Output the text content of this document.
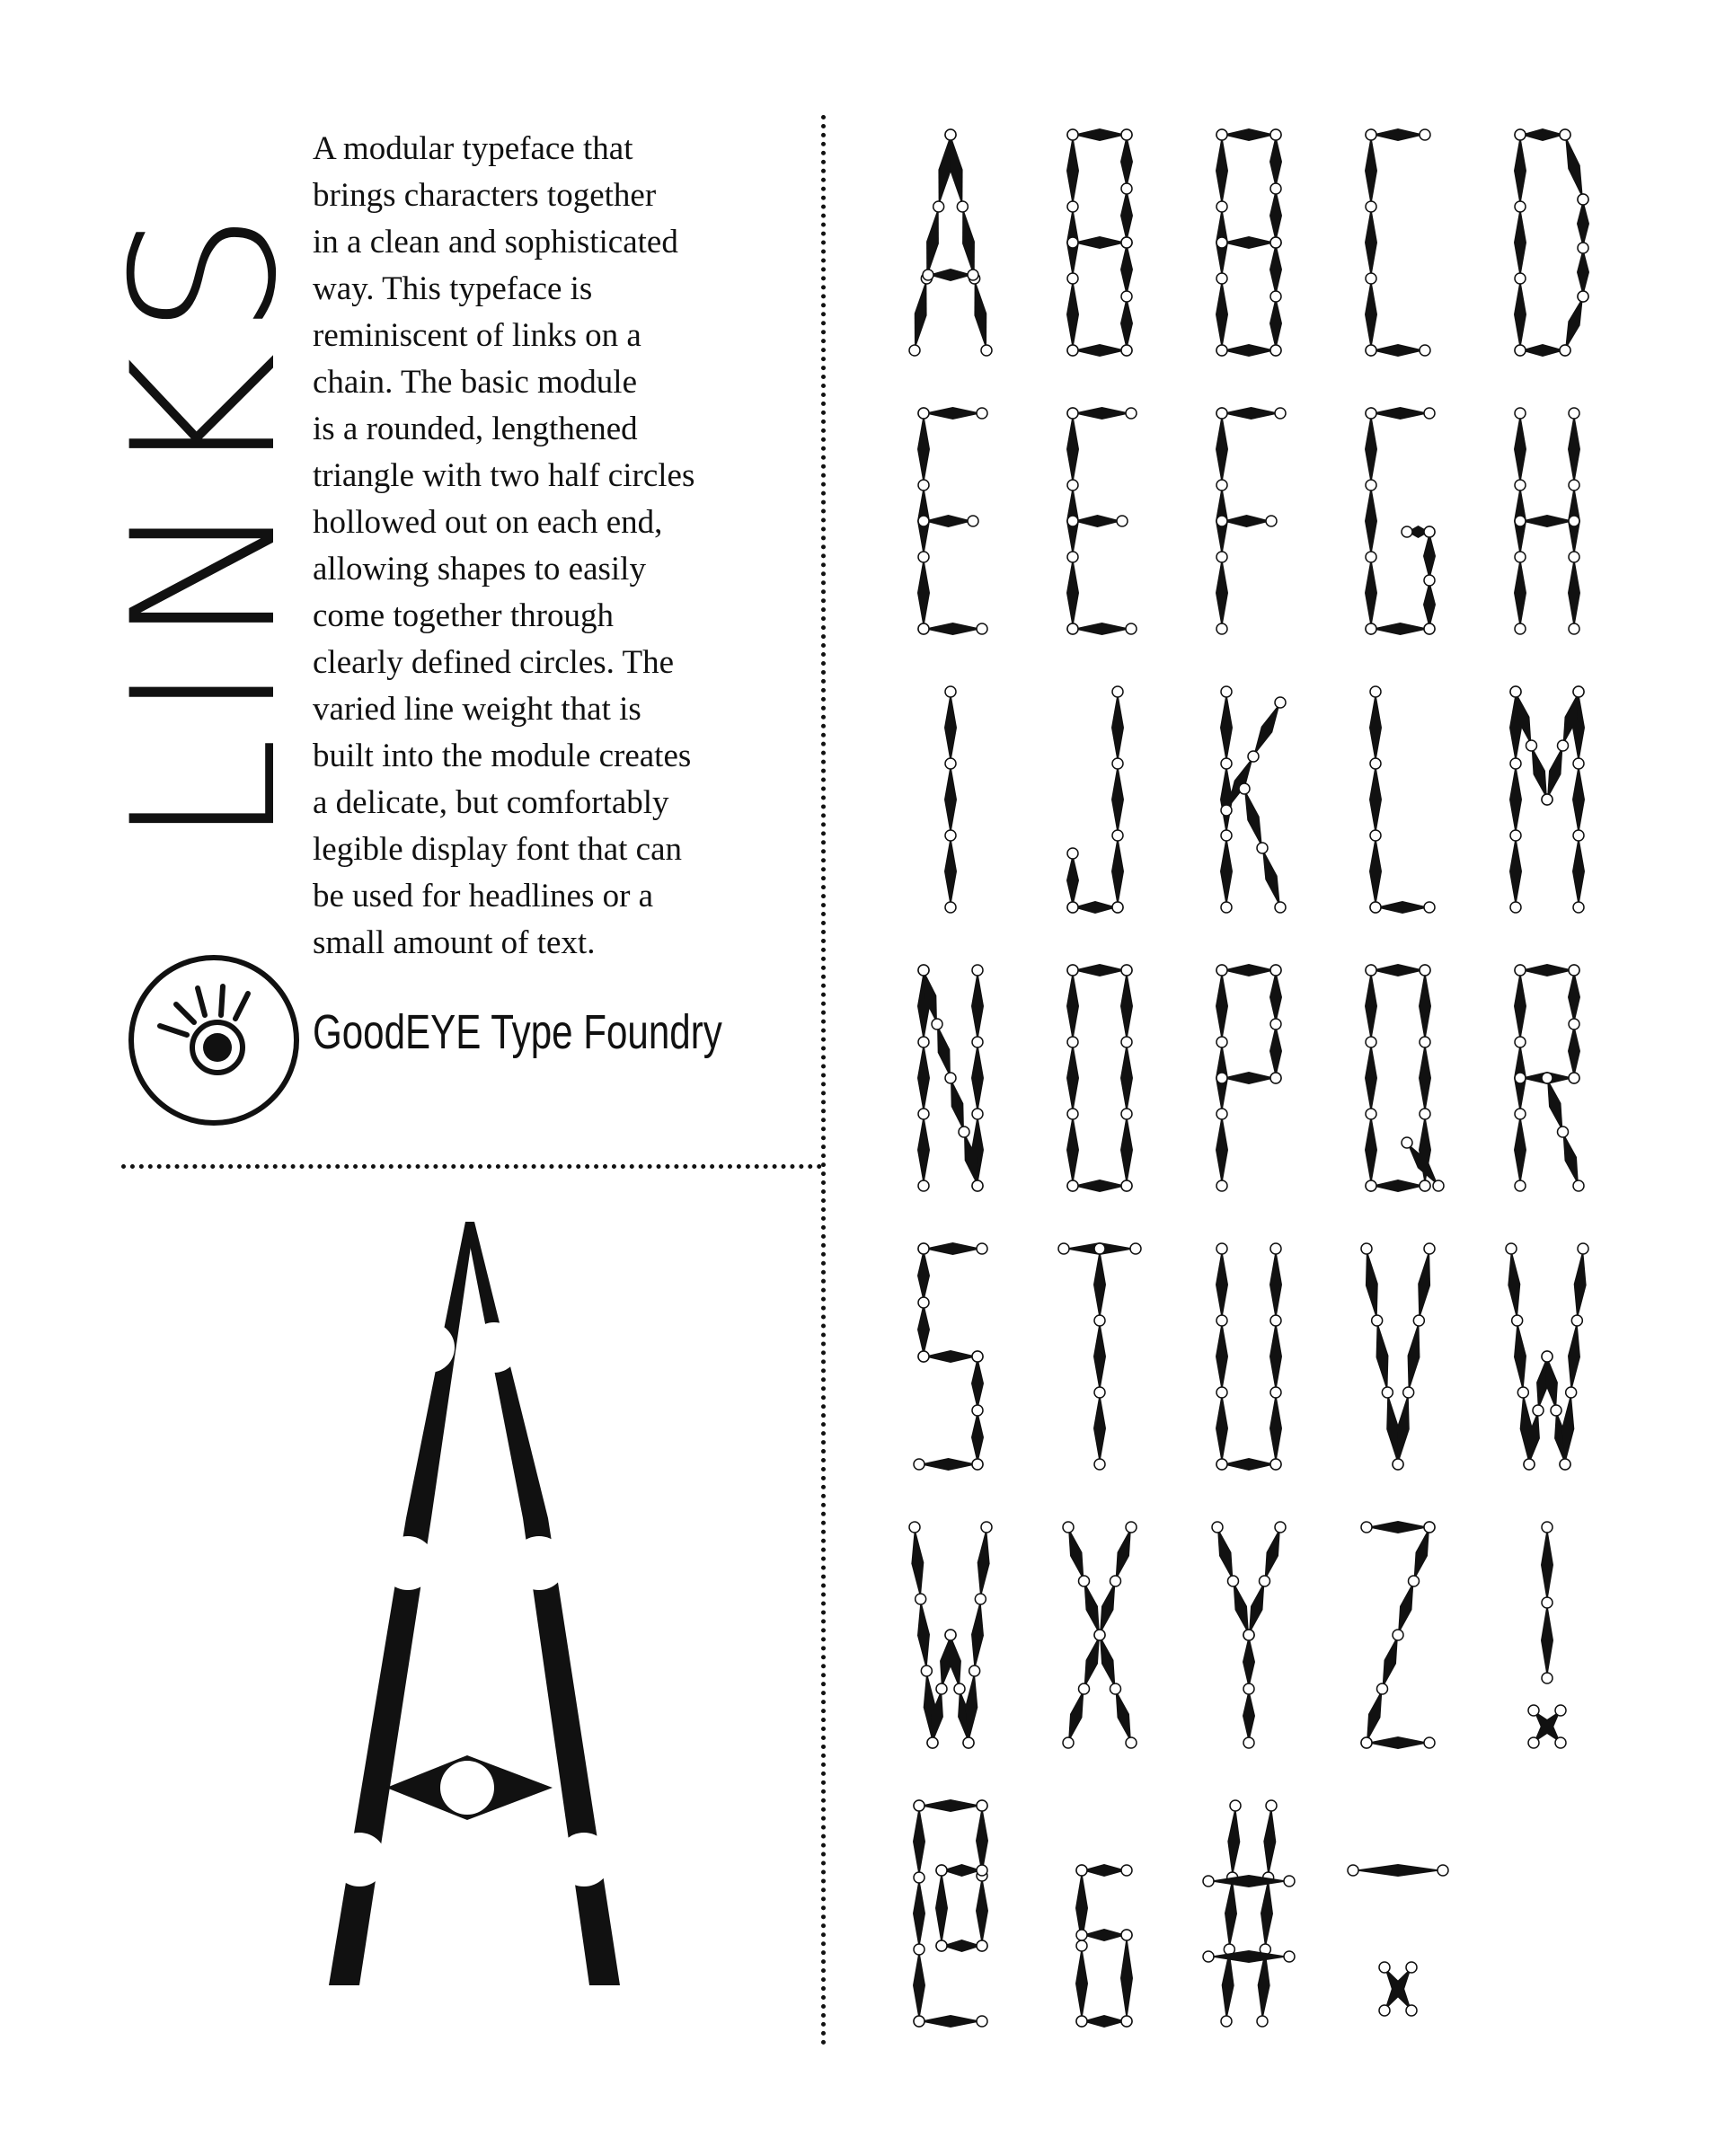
LINKS
A modular typeface that
brings characters together
in a clean and sophisticated
way. This typeface is
reminiscent of links on a
chain. The basic module
is a rounded, lengthened
triangle with two half circles
hollowed out on each end,
allowing shapes to easily
come together through
clearly defined circles. The
varied line weight that is
built into the module creates
a delicate, but comfortably
legible display font that can
be used for headlines or a
small amount of text.
GoodEYE Type Foundry
